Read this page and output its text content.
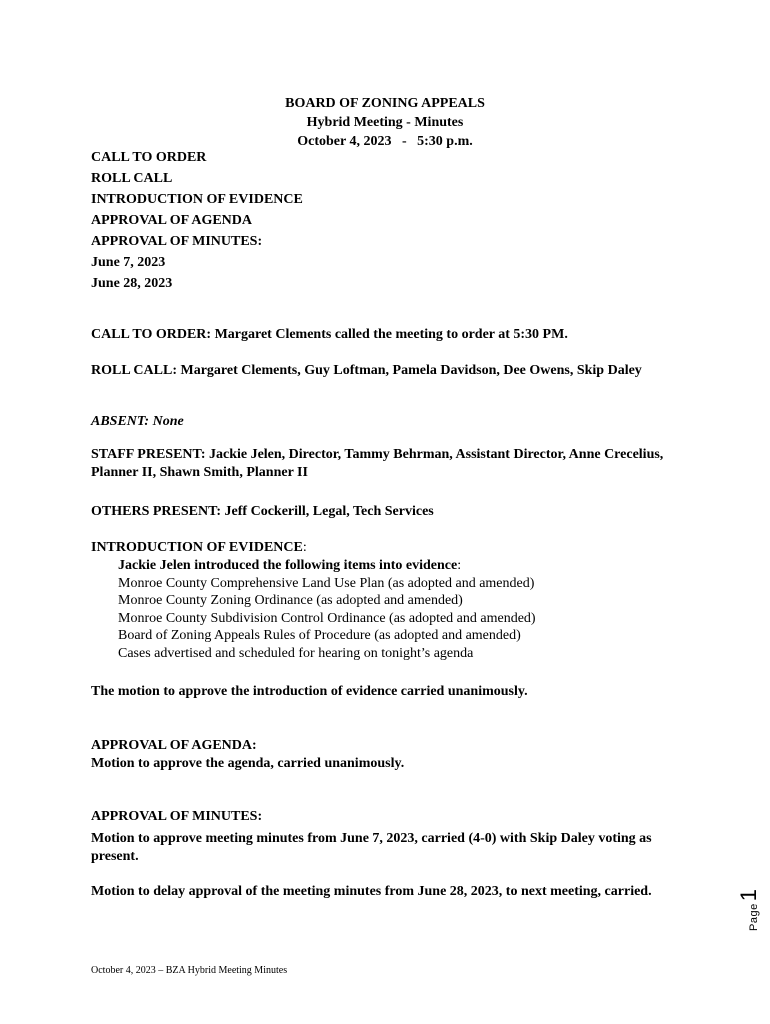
BOARD OF ZONING APPEALS
Hybrid Meeting - Minutes
October 4, 2023   -   5:30 p.m.
CALL TO ORDER
ROLL CALL
INTRODUCTION OF EVIDENCE
APPROVAL OF AGENDA
APPROVAL OF MINUTES:
June 7, 2023
June 28, 2023
CALL TO ORDER: Margaret Clements called the meeting to order at 5:30 PM.
ROLL CALL: Margaret Clements, Guy Loftman, Pamela Davidson, Dee Owens, Skip Daley
ABSENT: None
STAFF PRESENT: Jackie Jelen, Director, Tammy Behrman, Assistant Director, Anne Crecelius, Planner II, Shawn Smith, Planner II
OTHERS PRESENT: Jeff Cockerill, Legal, Tech Services
INTRODUCTION OF EVIDENCE:
Jackie Jelen introduced the following items into evidence:
Monroe County Comprehensive Land Use Plan (as adopted and amended)
Monroe County Zoning Ordinance (as adopted and amended)
Monroe County Subdivision Control Ordinance (as adopted and amended)
Board of Zoning Appeals Rules of Procedure (as adopted and amended)
Cases advertised and scheduled for hearing on tonight’s agenda
The motion to approve the introduction of evidence carried unanimously.
APPROVAL OF AGENDA:
Motion to approve the agenda, carried unanimously.
APPROVAL OF MINUTES:
Motion to approve meeting minutes from June 7, 2023, carried (4-0) with Skip Daley voting as present.
Motion to delay approval of the meeting minutes from June 28, 2023, to next meeting, carried.
October 4, 2023 – BZA Hybrid Meeting Minutes
Page
1
